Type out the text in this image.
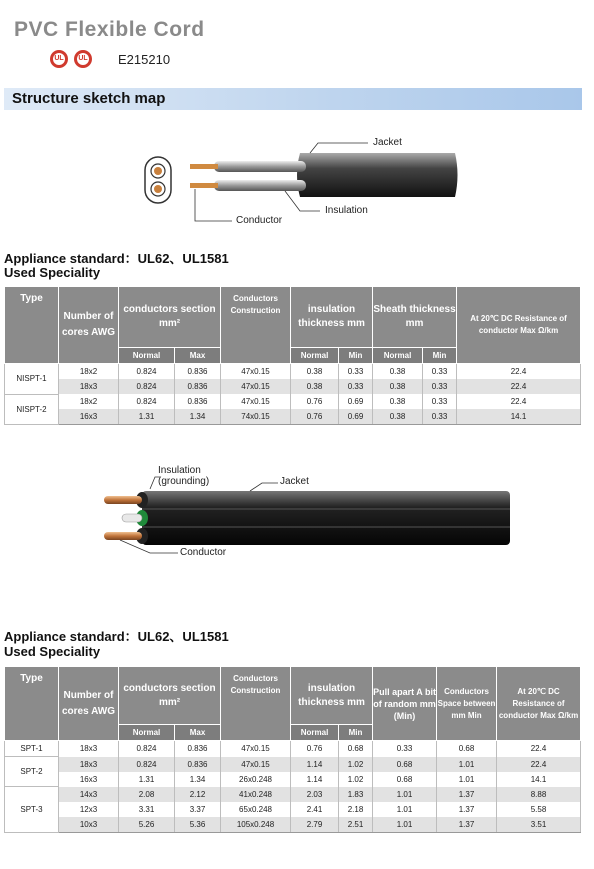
PVC Flexible Cord
UL
UL
E215210
Structure sketch map
Jacket
Insulation
Conductor
Appliance standard：UL62、UL1581
Used Speciality
Type	Number of cores AWG	conductors section mm²		Conductors Construction	insulation thickness mm		Sheath thickness mm		At 20℃ DC Resistance of conductor Max Ω/km
		Normal	Max		Normal	Min	Normal	Min	
NISPT-1	18x2	0.824	0.836	47x0.15	0.38	0.33	0.38	0.33	22.4
	18x3	0.824	0.836	47x0.15	0.38	0.33	0.38	0.33	22.4
NISPT-2	18x2	0.824	0.836	47x0.15	0.76	0.69	0.38	0.33	22.4
	16x3	1.31	1.34	74x0.15	0.76	0.69	0.38	0.33	14.1
Insulation
(grounding)	Jacket
Conductor
Appliance standard：UL62、UL1581
Used Speciality
Type	Number of cores AWG	conductors section mm²		Conductors Construction	insulation thickness mm		Pull apart A bit of random mm (Min)	Conductors Space between mm Min	At 20℃ DC Resistance of conductor Max Ω/km
		Normal	Max		Normal	Min			
SPT-1	18x3	0.824	0.836	47x0.15	0.76	0.68	0.33	0.68	22.4
SPT-2	18x3	0.824	0.836	47x0.15	1.14	1.02	0.68	1.01	22.4
	16x3	1.31	1.34	26x0.248	1.14	1.02	0.68	1.01	14.1
SPT-3	14x3	2.08	2.12	41x0.248	2.03	1.83	1.01	1.37	8.88
	12x3	3.31	3.37	65x0.248	2.41	2.18	1.01	1.37	5.58
	10x3	5.26	5.36	105x0.248	2.79	2.51	1.01	1.37	3.51
